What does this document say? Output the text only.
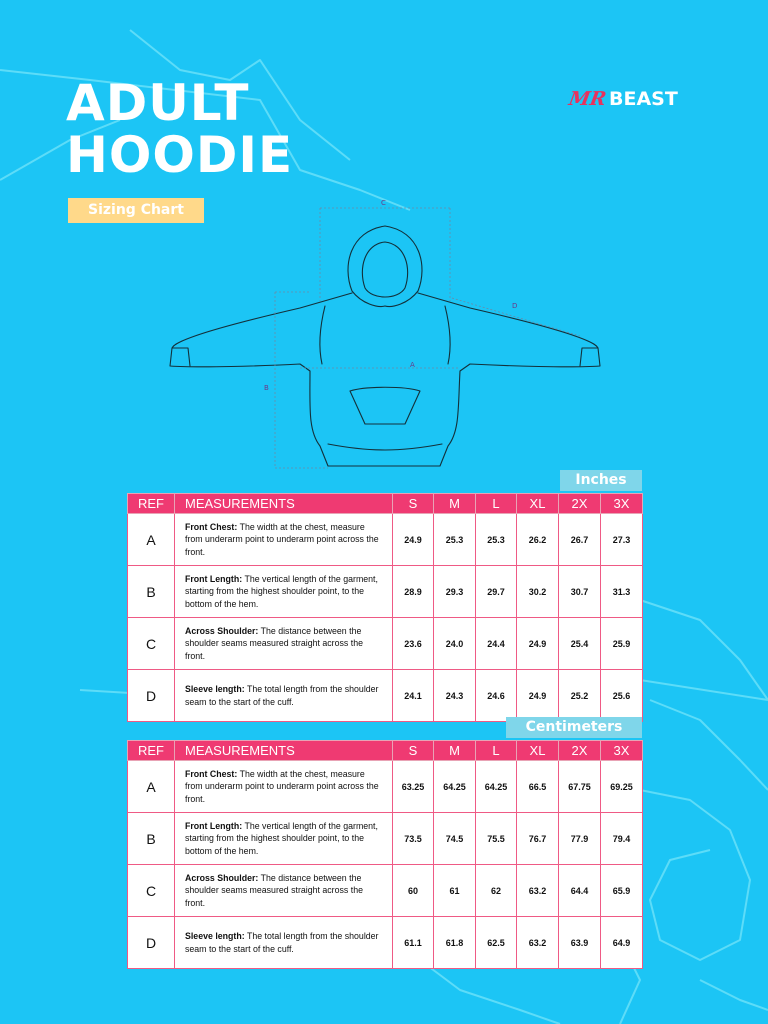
ADULT
HOODIE
Sizing Chart
MR BEAST
C
A
B
D
Inches
REF	MEASUREMENTS	S	M	L	XL	2X	3X
A	Front Chest: The width at the chest, measure from underarm point to underarm point across the front.	24.9	25.3	25.3	26.2	26.7	27.3
B	Front Length: The vertical length of the garment, starting from the highest shoulder point, to the bottom of the hem.	28.9	29.3	29.7	30.2	30.7	31.3
C	Across Shoulder: The distance between the shoulder seams measured straight across the front.	23.6	24.0	24.4	24.9	25.4	25.9
D	Sleeve length: The total length from the shoulder seam to the start of the cuff.	24.1	24.3	24.6	24.9	25.2	25.6
Centimeters
REF	MEASUREMENTS	S	M	L	XL	2X	3X
A	Front Chest: The width at the chest, measure from underarm point to underarm point across the front.	63.25	64.25	64.25	66.5	67.75	69.25
B	Front Length: The vertical length of the garment, starting from the highest shoulder point, to the bottom of the hem.	73.5	74.5	75.5	76.7	77.9	79.4
C	Across Shoulder: The distance between the shoulder seams measured straight across the front.	60	61	62	63.2	64.4	65.9
D	Sleeve length: The total length from the shoulder seam to the start of the cuff.	61.1	61.8	62.5	63.2	63.9	64.9
